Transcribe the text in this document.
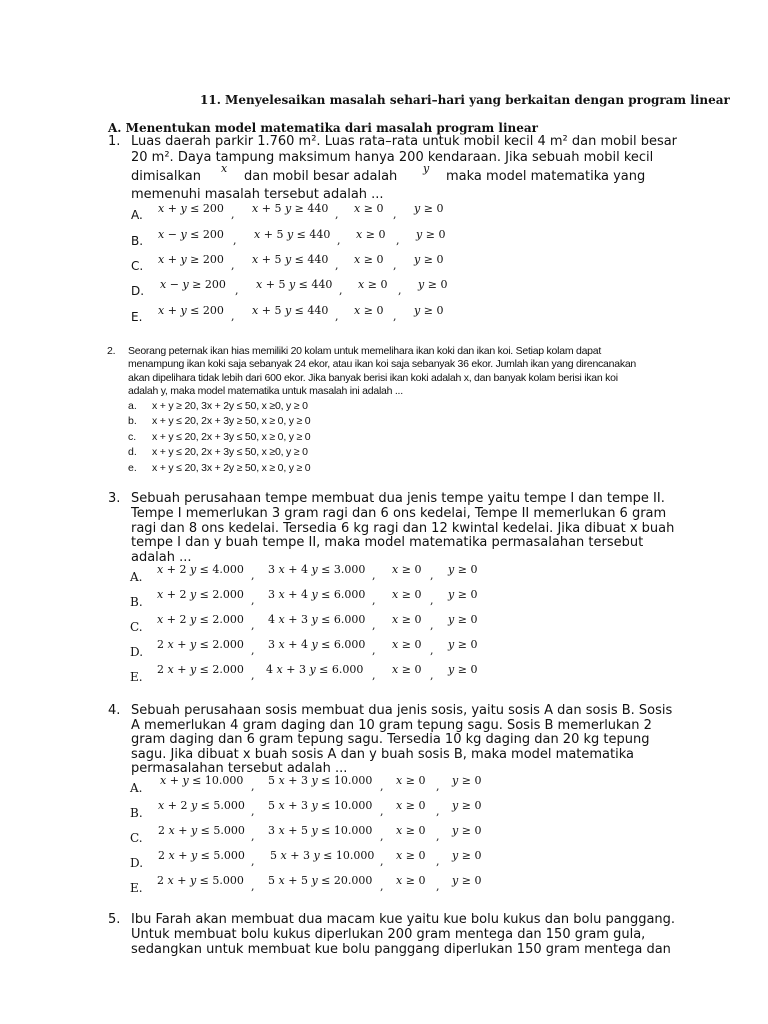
11. Menyelesaikan masalah sehari–hari yang berkaitan dengan program linear
A. Menentukan model matematika dari masalah program linear
1. Luas daerah parkir 1.760 m². Luas rata–rata untuk mobil kecil 4 m² dan mobil besar
20 m². Daya tampung maksimum hanya 200 kendaraan. Jika sebuah mobil kecil
dimisalkan
x
dan mobil besar adalah
y
maka model matematika yang
memenuhi masalah tersebut adalah ...
A. x + y ≤ 200 , x + 5 y ≥ 440 , x ≥ 0 , y ≥ 0
B. x − y ≤ 200 , x + 5 y ≤ 440 , x ≥ 0 , y ≥ 0
C. x + y ≥ 200 , x + 5 y ≤ 440 , x ≥ 0 , y ≥ 0
D. x − y ≥ 200 , x + 5 y ≤ 440 , x ≥ 0 , y ≥ 0
E. x + y ≤ 200 , x + 5 y ≤ 440 , x ≥ 0 , y ≥ 0
2. Seorang peternak ikan hias memiliki 20 kolam untuk memelihara ikan koki dan ikan koi. Setiap kolam dapat
menampung ikan koki saja sebanyak 24 ekor, atau ikan koi saja sebanyak 36 ekor. Jumlah ikan yang direncanakan
akan dipelihara tidak lebih dari 600 ekor. Jika banyak berisi ikan koki adalah x, dan banyak kolam berisi ikan koi
adalah y, maka model matematika untuk masalah ini adalah ...
a. x + y ≥ 20, 3x + 2y ≤ 50, x ≥0, y ≥ 0
b. x + y ≤ 20, 2x + 3y ≥ 50, x ≥ 0, y ≥ 0
c. x + y ≤ 20, 2x + 3y ≤ 50, x ≥ 0, y ≥ 0
d. x + y ≤ 20, 2x + 3y ≤ 50, x ≥0, y ≥ 0
e. x + y ≤ 20, 3x + 2y ≥ 50, x ≥ 0, y ≥ 0
3. Sebuah perusahaan tempe membuat dua jenis tempe yaitu tempe I dan tempe II.
Tempe I memerlukan 3 gram ragi dan 6 ons kedelai, Tempe II memerlukan 6 gram
ragi dan 8 ons kedelai. Tersedia 6 kg ragi dan 12 kwintal kedelai. Jika dibuat x buah
tempe I dan y buah tempe II, maka model matematika permasalahan tersebut
adalah ...
A.
x + 2 y ≤ 4.000 , 3 x + 4 y ≤ 3.000 , x ≥ 0 , y ≥ 0
B.
x + 2 y ≤ 2.000 , 3 x + 4 y ≤ 6.000 , x ≥ 0 , y ≥ 0
C.
x + 2 y ≤ 2.000 , 4 x + 3 y ≤ 6.000 , x ≥ 0 , y ≥ 0
D.
2 x + y ≤ 2.000 , 3 x + 4 y ≤ 6.000 , x ≥ 0 , y ≥ 0
E.
2 x + y ≤ 2.000 , 4 x + 3 y ≤ 6.000 , x ≥ 0 , y ≥ 0
4. Sebuah perusahaan sosis membuat dua jenis sosis, yaitu sosis A dan sosis B. Sosis
A memerlukan 4 gram daging dan 10 gram tepung sagu. Sosis B memerlukan 2
gram daging dan 6 gram tepung sagu. Tersedia 10 kg daging dan 20 kg tepung
sagu. Jika dibuat x buah sosis A dan y buah sosis B, maka model matematika
permasalahan tersebut adalah ...
A.
x + y ≤ 10.000 , 5 x + 3 y ≤ 10.000 , x ≥ 0 , y ≥ 0
B.
x + 2 y ≤ 5.000 , 5 x + 3 y ≤ 10.000 , x ≥ 0 , y ≥ 0
C.
2 x + y ≤ 5.000 , 3 x + 5 y ≤ 10.000 , x ≥ 0 , y ≥ 0
D.
2 x + y ≤ 5.000 , 5 x + 3 y ≤ 10.000 , x ≥ 0 , y ≥ 0
E.
2 x + y ≤ 5.000 , 5 x + 5 y ≤ 20.000 , x ≥ 0 , y ≥ 0
5. Ibu Farah akan membuat dua macam kue yaitu kue bolu kukus dan bolu panggang.
Untuk membuat bolu kukus diperlukan 200 gram mentega dan 150 gram gula,
sedangkan untuk membuat kue bolu panggang diperlukan 150 gram mentega dan
